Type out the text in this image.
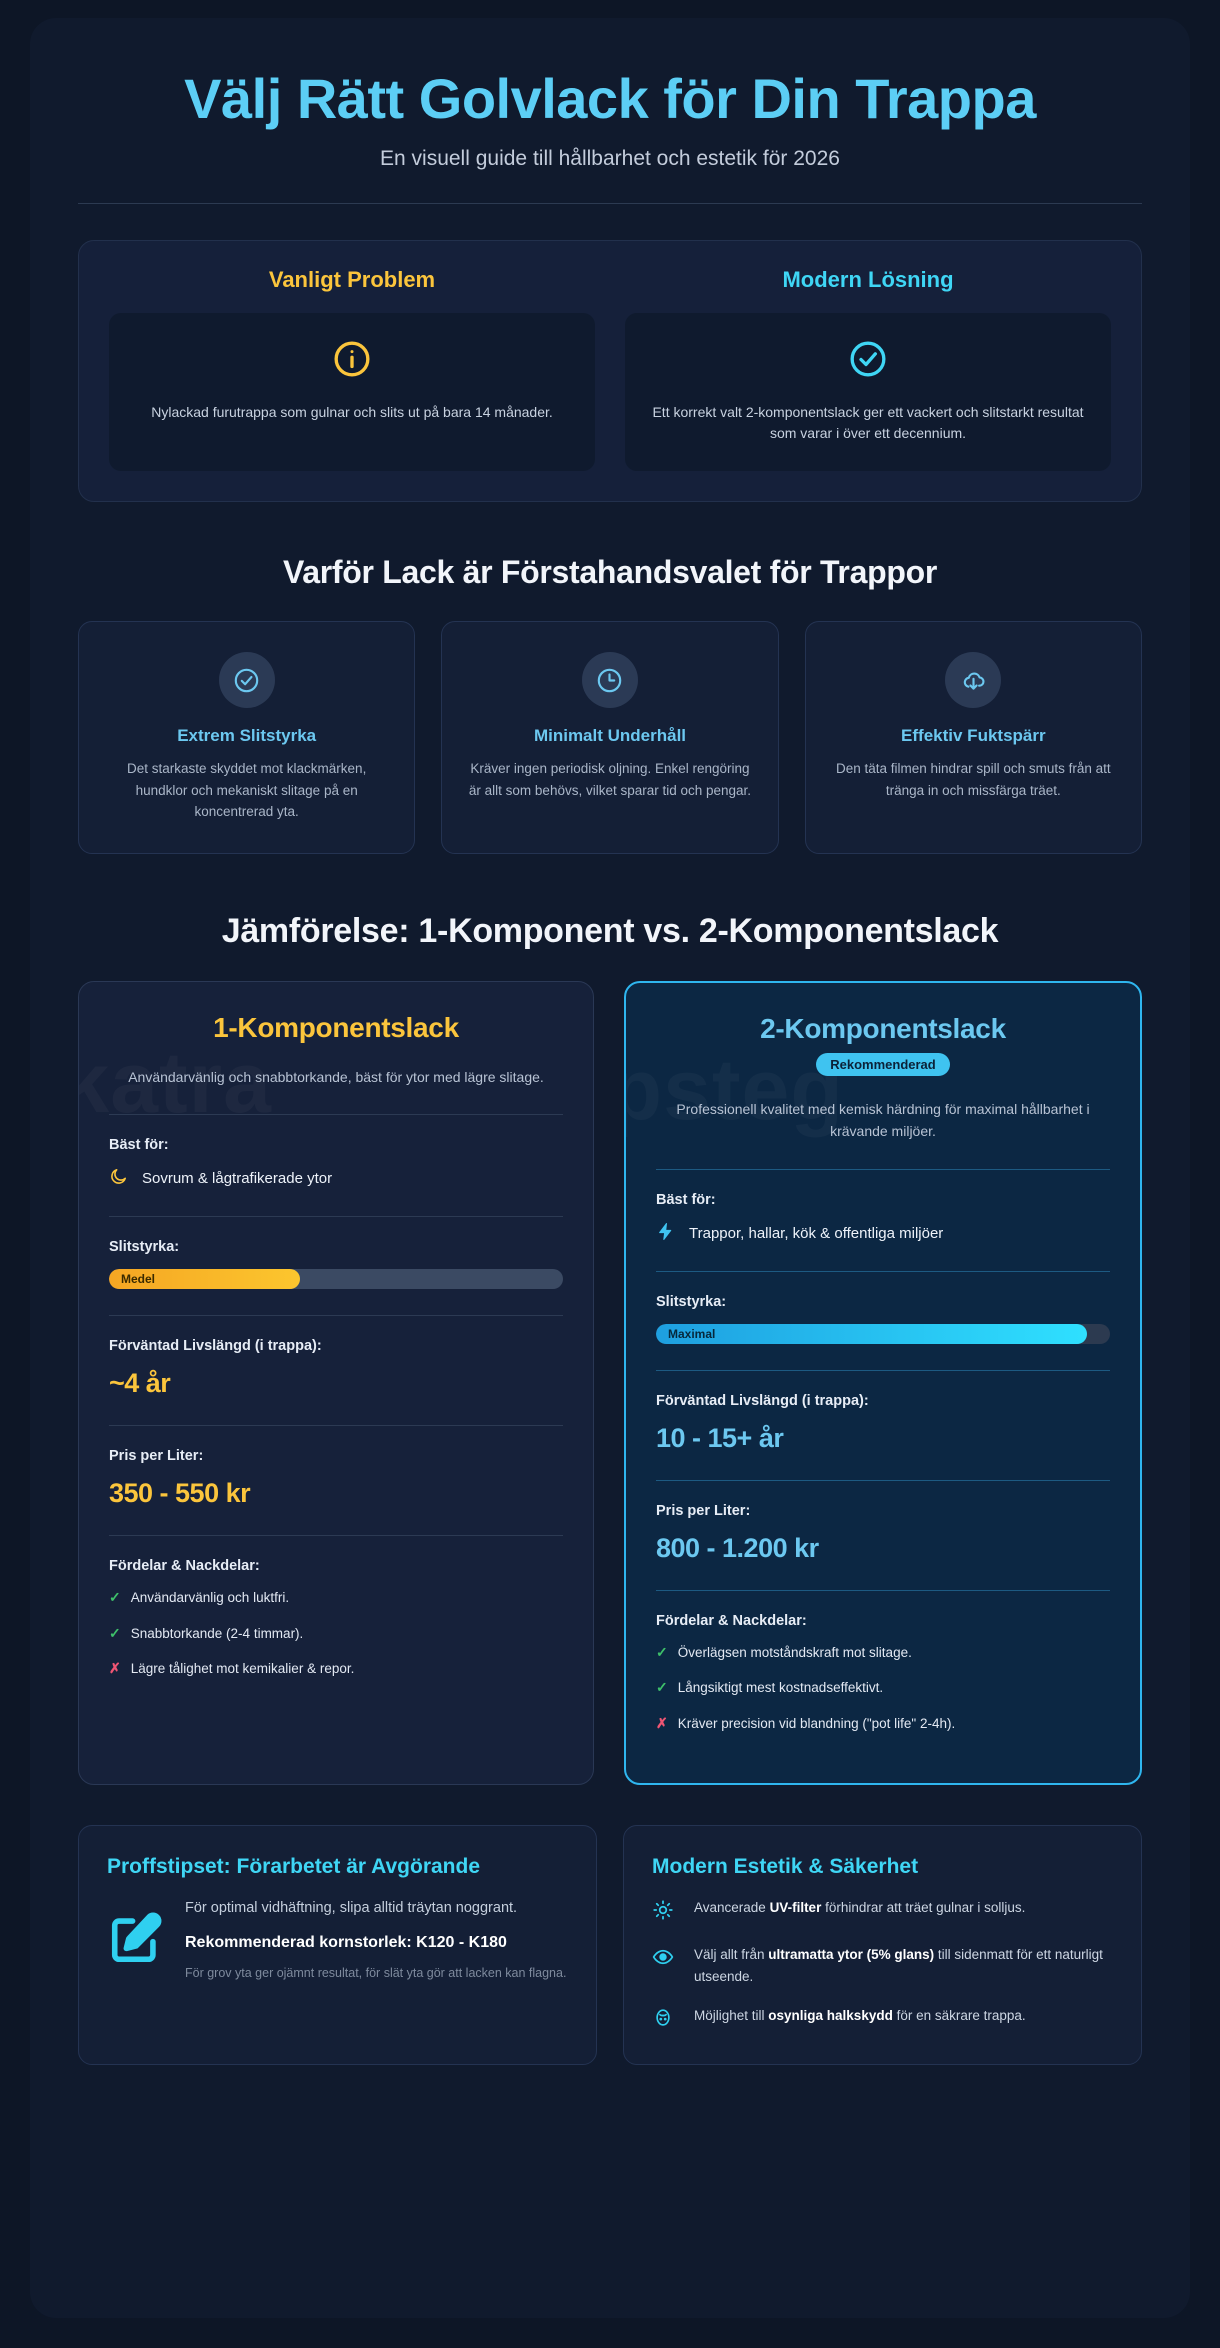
Välj Rätt Golvlack för Din Trappa
En visuell guide till hållbarhet och estetik för 2026
Vanligt Problem
Nylackad furutrappa som gulnar och slits ut på bara 14 månader.
Modern Lösning
Ett korrekt valt 2-komponentslack ger ett vackert och slitstarkt resultat som varar i över ett decennium.
Varför Lack är Förstahandsvalet för Trappor
Extrem Slitstyrka
Det starkaste skyddet mot klackmärken, hundklor och mekaniskt slitage på en koncentrerad yta.
Minimalt Underhåll
Kräver ingen periodisk oljning. Enkel rengöring är allt som behövs, vilket sparar tid och pengar.
Effektiv Fuktspärr
Den täta filmen hindrar spill och smuts från att tränga in och missfärga träet.
Jämförelse: 1-Komponent vs. 2-Komponentslack
1-Komponentslack
Användarvänlig och snabbtorkande, bäst för ytor med lägre slitage.
Bäst för:
Sovrum & lågtrafikerade ytor
Slitstyrka:
Medel
Förväntad Livslängd (i trappa):
~4 år
Pris per Liter:
350 - 550 kr
Fördelar & Nackdelar:
✓ Användarvänlig och luktfri.
✓ Snabbtorkande (2-4 timmar).
✗ Lägre tålighet mot kemikalier & repor.
2-Komponentslack
Rekommenderad
Professionell kvalitet med kemisk härdning för maximal hållbarhet i krävande miljöer.
Bäst för:
Trappor, hallar, kök & offentliga miljöer
Slitstyrka:
Maximal
Förväntad Livslängd (i trappa):
10 - 15+ år
Pris per Liter:
800 - 1.200 kr
Fördelar & Nackdelar:
✓ Överlägsen motståndskraft mot slitage.
✓ Långsiktigt mest kostnadseffektivt.
✗ Kräver precision vid blandning ("pot life" 2-4h).
Proffstipset: Förarbetet är Avgörande
För optimal vidhäftning, slipa alltid träytan noggrant.
Rekommenderad kornstorlek: K120 - K180
För grov yta ger ojämnt resultat, för slät yta gör att lacken kan flagna.
Modern Estetik & Säkerhet
Avancerade UV-filter förhindrar att träet gulnar i solljus.
Välj allt från ultramatta ytor (5% glans) till sidenmatt för ett naturligt utseende.
Möjlighet till osynliga halkskydd för en säkrare trappa.
